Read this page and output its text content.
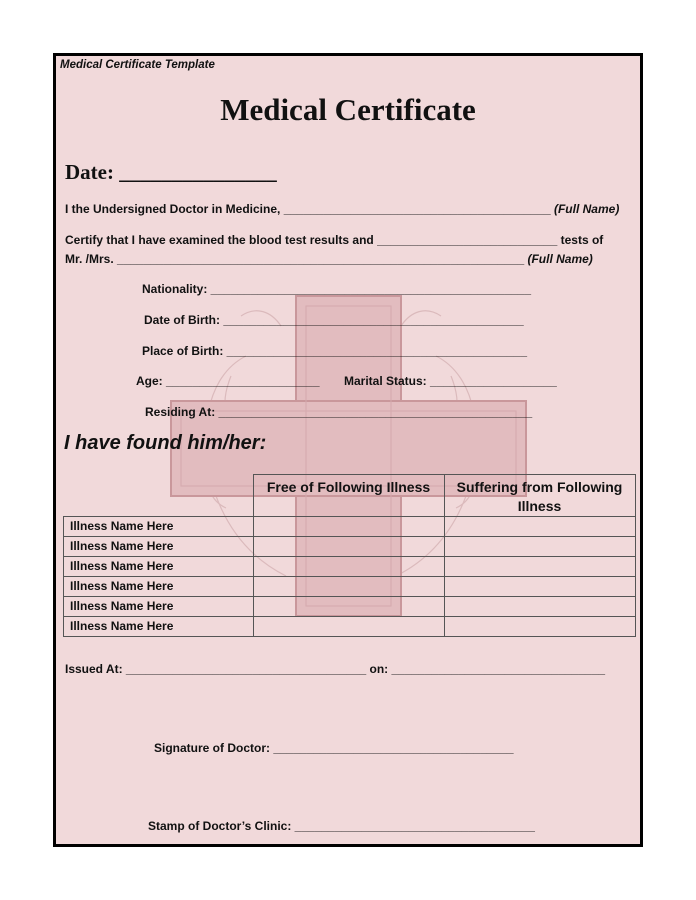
Medical Certificate Template
Medical Certificate
Date: _______________
I the Undersigned Doctor in Medicine, ________________________________________ (Full Name)
Certify that I have examined the blood test results and ___________________________ tests of
Mr. /Mrs. _____________________________________________________________ (Full Name)
Nationality: ________________________________________________
Date of Birth: _____________________________________________
Place of Birth: _____________________________________________
Age: _______________________ Marital Status: ___________________
Residing At: _______________________________________________
I have found him/her:
	Free of Following Illness	Suffering from Following Illness
Illness Name Here		
Illness Name Here		
Illness Name Here		
Illness Name Here		
Illness Name Here		
Illness Name Here		
Issued At: ____________________________________ on: ________________________________
Signature of Doctor: ____________________________________
Stamp of Doctor’s Clinic: ____________________________________
